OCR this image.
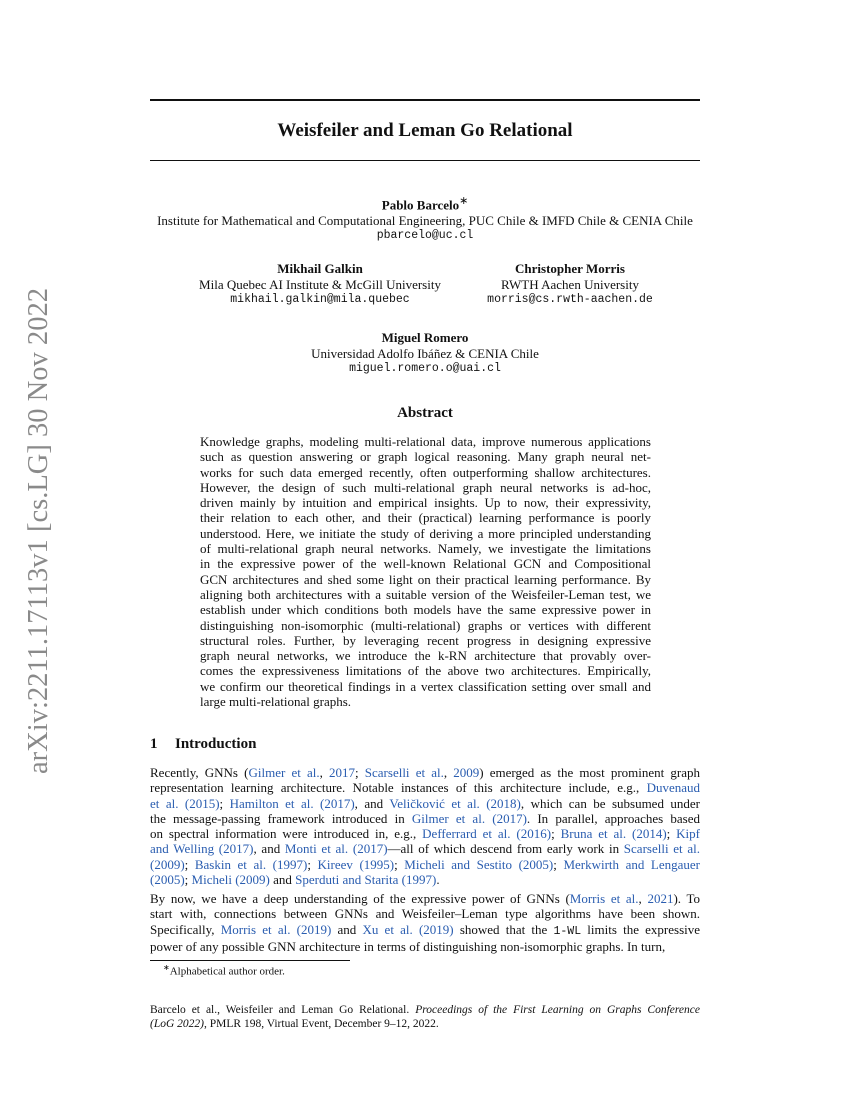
arXiv:2211.17113v1 [cs.LG] 30 Nov 2022
Weisfeiler and Leman Go Relational
Pablo Barcelo∗
Institute for Mathematical and Computational Engineering, PUC Chile & IMFD Chile & CENIA Chile
pbarcelo@uc.cl
Mikhail Galkin
Mila Quebec AI Institute & McGill University
mikhail.galkin@mila.quebec
Christopher Morris
RWTH Aachen University
morris@cs.rwth-aachen.de
Miguel Romero
Universidad Adolfo Ibáñez & CENIA Chile
miguel.romero.o@uai.cl
Abstract
Knowledge graphs, modeling multi-relational data, improve numerous applications
such as question answering or graph logical reasoning. Many graph neural net-
works for such data emerged recently, often outperforming shallow architectures.
However, the design of such multi-relational graph neural networks is ad-hoc,
driven mainly by intuition and empirical insights. Up to now, their expressivity,
their relation to each other, and their (practical) learning performance is poorly
understood. Here, we initiate the study of deriving a more principled understanding
of multi-relational graph neural networks. Namely, we investigate the limitations
in the expressive power of the well-known Relational GCN and Compositional
GCN architectures and shed some light on their practical learning performance. By
aligning both architectures with a suitable version of the Weisfeiler-Leman test, we
establish under which conditions both models have the same expressive power in
distinguishing non-isomorphic (multi-relational) graphs or vertices with different
structural roles. Further, by leveraging recent progress in designing expressive
graph neural networks, we introduce the k-RN architecture that provably over-
comes the expressiveness limitations of the above two architectures. Empirically,
we confirm our theoretical findings in a vertex classification setting over small and
large multi-relational graphs.
1 Introduction
Recently, GNNs (Gilmer et al., 2017; Scarselli et al., 2009) emerged as the most prominent graph
representation learning architecture. Notable instances of this architecture include, e.g., Duvenaud
et al. (2015); Hamilton et al. (2017), and Veličković et al. (2018), which can be subsumed under
the message-passing framework introduced in Gilmer et al. (2017). In parallel, approaches based
on spectral information were introduced in, e.g., Defferrard et al. (2016); Bruna et al. (2014); Kipf
and Welling (2017), and Monti et al. (2017)—all of which descend from early work in Scarselli et al.
(2009); Baskin et al. (1997); Kireev (1995); Micheli and Sestito (2005); Merkwirth and Lengauer
(2005); Micheli (2009) and Sperduti and Starita (1997).
By now, we have a deep understanding of the expressive power of GNNs (Morris et al., 2021). To
start with, connections between GNNs and Weisfeiler–Leman type algorithms have been shown.
Specifically, Morris et al. (2019) and Xu et al. (2019) showed that the 1-WL limits the expressive
power of any possible GNN architecture in terms of distinguishing non-isomorphic graphs. In turn,
∗Alphabetical author order.
Barcelo et al., Weisfeiler and Leman Go Relational. Proceedings of the First Learning on Graphs Conference
(LoG 2022), PMLR 198, Virtual Event, December 9–12, 2022.
